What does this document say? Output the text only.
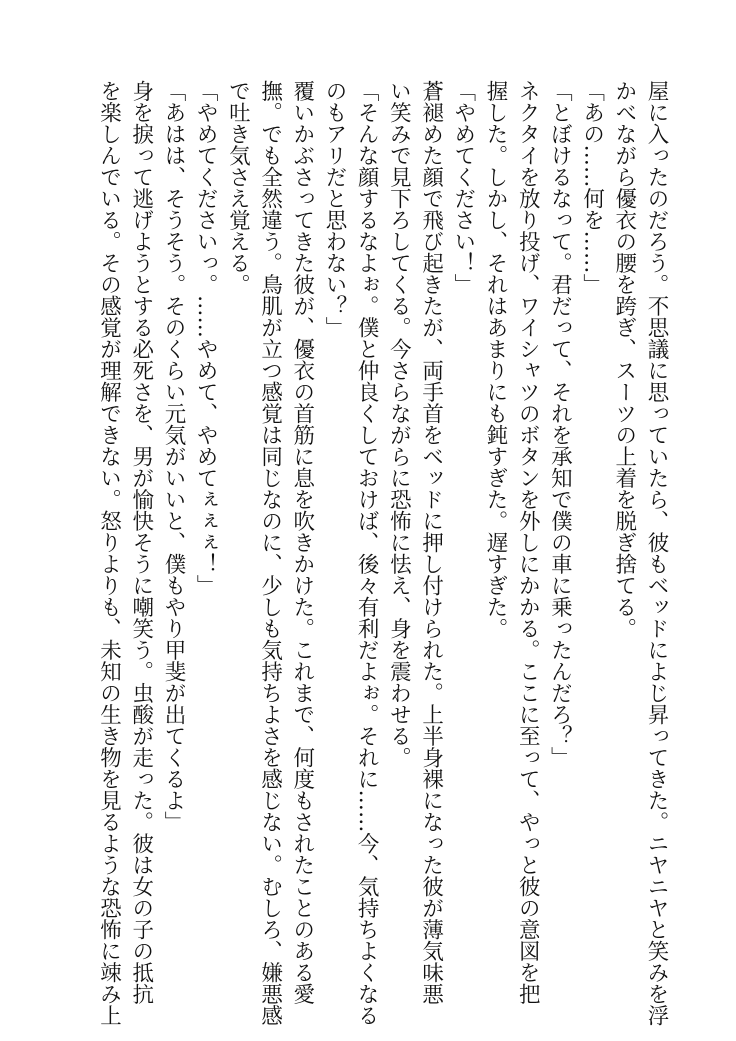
屋に入ったのだろう。不思議に思っていたら、彼もベッドによじ昇ってきた。ニヤニヤと笑みを浮
かべながら優衣の腰を跨ぎ、スーツの上着を脱ぎ捨てる。
「あの……何を……」
「とぼけるなって。君だって、それを承知で僕の車に乗ったんだろ？」
ネクタイを放り投げ、ワイシャツのボタンを外しにかかる。ここに至って、やっと彼の意図を把
握した。しかし、それはあまりにも鈍すぎた。遅すぎた。
「やめてください！」
蒼褪めた顔で飛び起きたが、両手首をベッドに押し付けられた。上半身裸になった彼が薄気味悪
い笑みで見下ろしてくる。今さらながらに恐怖に怯え、身を震わせる。
「そんな顔するなよぉ。僕と仲良くしておけば、後々有利だよぉ。それに……今、気持ちよくなる
のもアリだと思わない？」
覆いかぶさってきた彼が、優衣の首筋に息を吹きかけた。これまで、何度もされたことのある愛
撫。でも全然違う。鳥肌が立つ感覚は同じなのに、少しも気持ちよさを感じない。むしろ、嫌悪感
で吐き気さえ覚える。
「やめてくださいっ。……やめて、やめてぇぇぇ！」
「あはは、そうそう。そのくらい元気がいいと、僕もやり甲斐が出てくるよ」
身を捩って逃げようとする必死さを、男が愉快そうに嘲笑う。虫酸が走った。彼は女の子の抵抗
を楽しんでいる。その感覚が理解できない。怒りよりも、未知の生き物を見るような恐怖に竦み上
